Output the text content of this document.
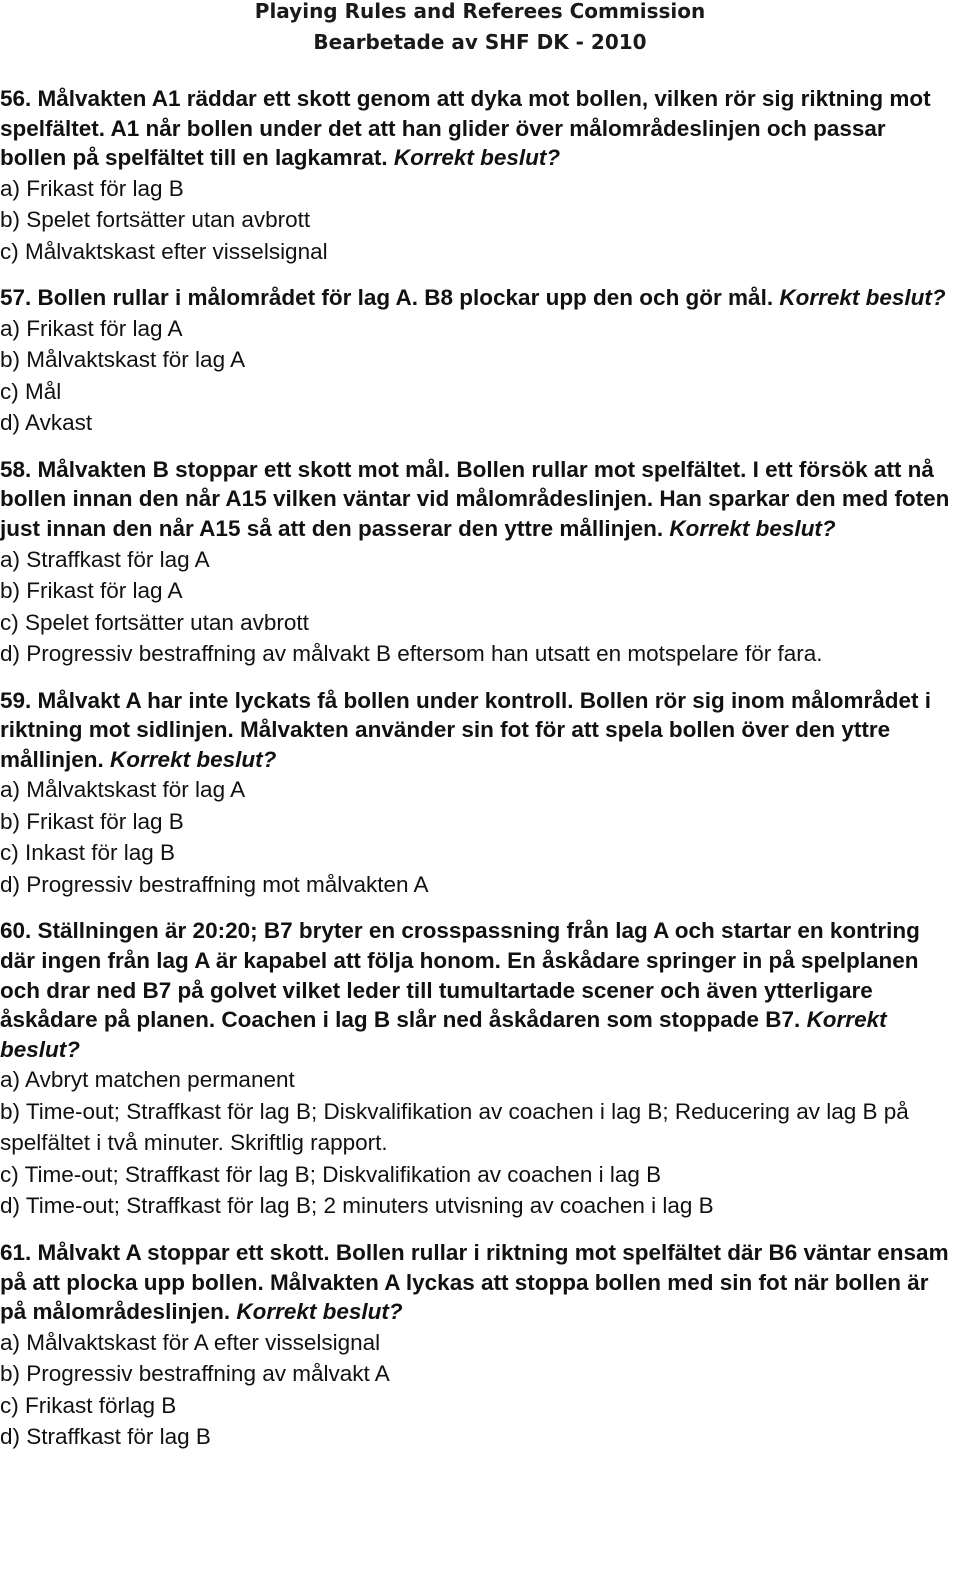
Playing Rules and Referees Commission
Bearbetade av SHF DK - 2010

56. Målvakten A1 räddar ett skott genom att dyka mot bollen, vilken rör sig riktning mot spelfältet. A1 når bollen under det att han glider över målområdeslinjen och passar bollen på spelfältet till en lagkamrat. Korrekt beslut?

a) Frikast för lag B

b) Spelet fortsätter utan avbrott

c) Målvaktskast efter visselsignal

57. Bollen rullar i målområdet för lag A. B8 plockar upp den och gör mål. Korrekt beslut?

a) Frikast för lag A

b) Målvaktskast för lag A

c) Mål

d) Avkast

58. Målvakten B stoppar ett skott mot mål. Bollen rullar mot spelfältet. I ett försök att nå bollen innan den når A15 vilken väntar vid målområdeslinjen. Han sparkar den med foten just innan den når A15 så att den passerar den yttre mållinjen. Korrekt beslut?

a) Straffkast för lag A

b) Frikast för lag A

c) Spelet fortsätter utan avbrott

d) Progressiv bestraffning av målvakt B eftersom han utsatt en motspelare för fara.

59. Målvakt A har inte lyckats få bollen under kontroll. Bollen rör sig inom målområdet i riktning mot sidlinjen. Målvakten använder sin fot för att spela bollen över den yttre mållinjen. Korrekt beslut?

a) Målvaktskast för lag A

b) Frikast för lag B

c) Inkast för lag B

d) Progressiv bestraffning mot målvakten A

60. Ställningen är 20:20; B7 bryter en crosspassning från lag A och startar en kontring där ingen från lag A är kapabel att följa honom. En åskådare springer in på spelplanen och drar ned B7 på golvet vilket leder till tumultartade scener och även ytterligare åskådare på planen. Coachen i lag B slår ned åskådaren som stoppade B7. Korrekt beslut?

a) Avbryt matchen permanent

b) Time-out; Straffkast för lag B; Diskvalifikation av coachen i lag B; Reducering av lag B på spelfältet i två minuter. Skriftlig rapport.

c) Time-out; Straffkast för lag B; Diskvalifikation av coachen i lag B

d) Time-out; Straffkast för lag B; 2 minuters utvisning av coachen i lag B

61. Målvakt A stoppar ett skott. Bollen rullar i riktning mot spelfältet där B6 väntar ensam på att plocka upp bollen. Målvakten A lyckas att stoppa bollen med sin fot när bollen är på målområdeslinjen. Korrekt beslut?

a) Målvaktskast för A efter visselsignal

b) Progressiv bestraffning av målvakt A

c) Frikast förlag B

d) Straffkast för lag B
